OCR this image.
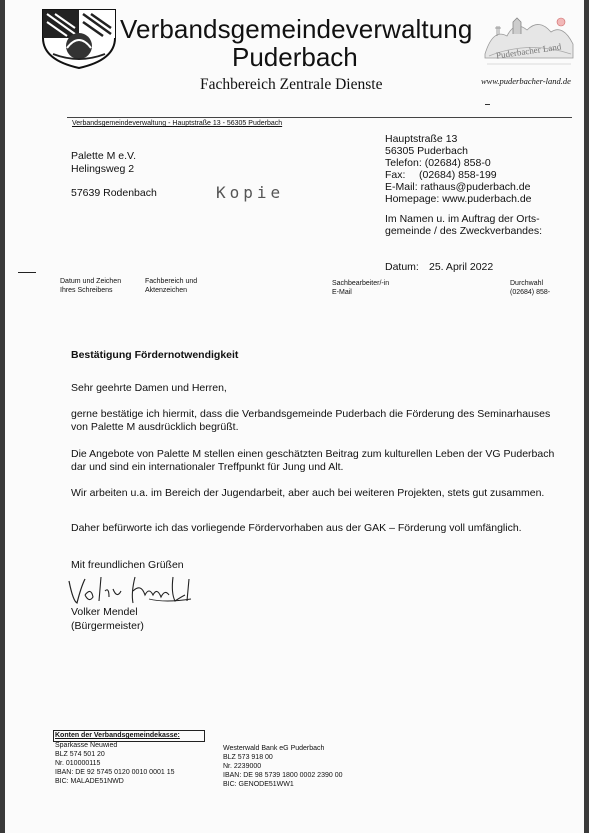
Verbandsgemeindeverwaltung
Puderbach
Fachbereich Zentrale Dienste
Puderbacher Land
www.puderbacher-land.de
Verbandsgemeindeverwaltung - Hauptstraße 13 - 56305 Puderbach
Palette M e.V.
Helingsweg 2
57639 Rodenbach	Kopie
Hauptstraße 13
56305 Puderbach
Telefon: (02684) 858-0
Fax: (02684) 858-199
E-Mail: rathaus@puderbach.de
Homepage: www.puderbach.de
Im Namen u. im Auftrag der Orts-
gemeinde / des Zweckverbandes:
Datum: 25. April 2022
Datum und Zeichen
Ihres Schreibens
Fachbereich und
Aktenzeichen
Sachbearbeiter/-in
E-Mail
Durchwahl
(02684) 858-
Bestätigung Fördernotwendigkeit
Sehr geehrte Damen und Herren,
gerne bestätige ich hiermit, dass die Verbandsgemeinde Puderbach die Förderung des Seminarhauses von Palette M ausdrücklich begrüßt.
Die Angebote von Palette M stellen einen geschätzten Beitrag zum kulturellen Leben der VG Puderbach dar und sind ein internationaler Treffpunkt für Jung und Alt.
Wir arbeiten u.a. im Bereich der Jugendarbeit, aber auch bei weiteren Projekten, stets gut zusammen.
Daher befürworte ich das vorliegende Fördervorhaben aus der GAK – Förderung voll umfänglich.
Mit freundlichen Grüßen
Volker Mendel
(Bürgermeister)
Konten der Verbandsgemeindekasse:
Sparkasse Neuwied
BLZ 574 501 20
Nr. 010000115
IBAN: DE 92 5745 0120 0010 0001 15
BIC: MALADE51NWD
Westerwald Bank eG Puderbach
BLZ 573 918 00
Nr. 2239000
IBAN: DE 98 5739 1800 0002 2390 00
BIC: GENODE51WW1
